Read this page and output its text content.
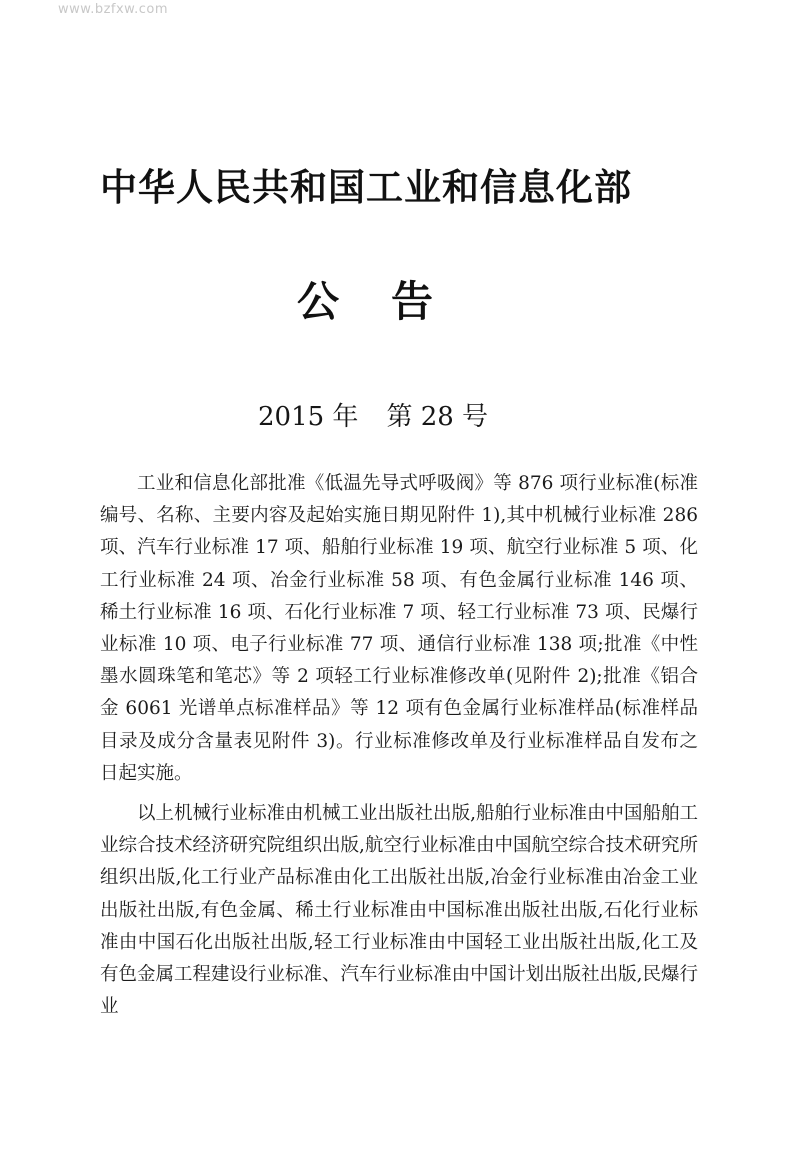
www.bzfxw.com
中华人民共和国工业和信息化部
公告
2015 年 第 28 号

工业和信息化部批准《低温先导式呼吸阀》等 876 项行业标准(标准编号、名称、主要内容及起始实施日期见附件 1),其中机械行业标准 286 项、汽车行业标准 17 项、船舶行业标准 19 项、航空行业标准 5 项、化工行业标准 24 项、冶金行业标准 58 项、有色金属行业标准 146 项、稀土行业标准 16 项、石化行业标准 7 项、轻工行业标准 73 项、民爆行业标准 10 项、电子行业标准 77 项、通信行业标准 138 项;批准《中性墨水圆珠笔和笔芯》等 2 项轻工行业标准修改单(见附件 2);批准《铝合金 6061 光谱单点标准样品》等 12 项有色金属行业标准样品(标准样品目录及成分含量表见附件 3)。行业标准修改单及行业标准样品自发布之日起实施。

以上机械行业标准由机械工业出版社出版,船舶行业标准由中国船舶工业综合技术经济研究院组织出版,航空行业标准由中国航空综合技术研究所组织出版,化工行业产品标准由化工出版社出版,冶金行业标准由冶金工业出版社出版,有色金属、稀土行业标准由中国标准出版社出版,石化行业标准由中国石化出版社出版,轻工行业标准由中国轻工业出版社出版,化工及有色金属工程建设行业标准、汽车行业标准由中国计划出版社出版,民爆行业
